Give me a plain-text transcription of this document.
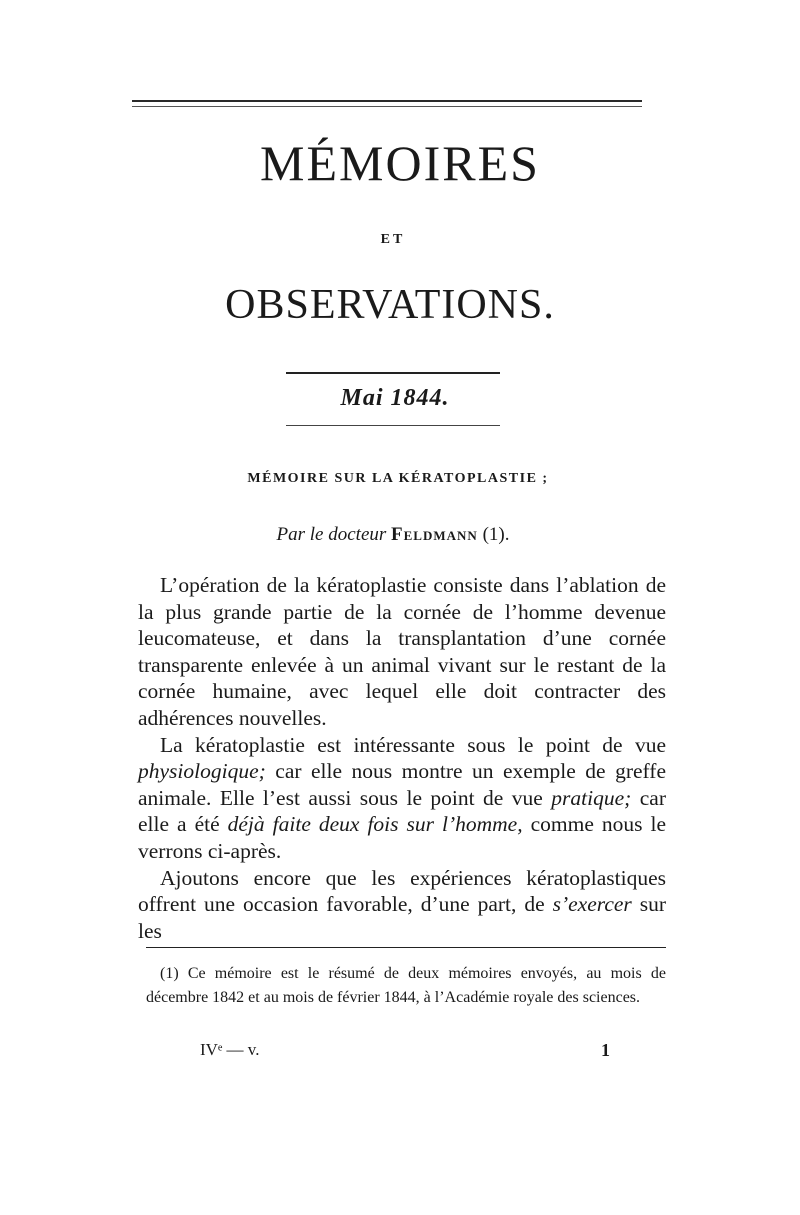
MÉMOIRES
ET
OBSERVATIONS.
Mai 1844.
MÉMOIRE SUR LA KÉRATOPLASTIE ;
Par le docteur Feldmann (1).

L’opération de la kératoplastie consiste dans l’ablation de la plus grande partie de la cornée de l’homme devenue leucomateuse, et dans la transplantation d’une cornée transparente enlevée à un animal vivant sur le restant de la cornée humaine, avec lequel elle doit contracter des adhérences nouvelles.

La kératoplastie est intéressante sous le point de vue physiologique; car elle nous montre un exemple de greffe animale. Elle l’est aussi sous le point de vue pratique; car elle a été déjà faite deux fois sur l’homme, comme nous le verrons ci-après.

Ajoutons encore que les expériences kératoplastiques offrent une occasion favorable, d’une part, de s’exercer sur les

(1) Ce mémoire est le résumé de deux mémoires envoyés, au mois de décembre 1842 et au mois de février 1844, à l’Académie royale des sciences.
IVᵉ — v.	1
